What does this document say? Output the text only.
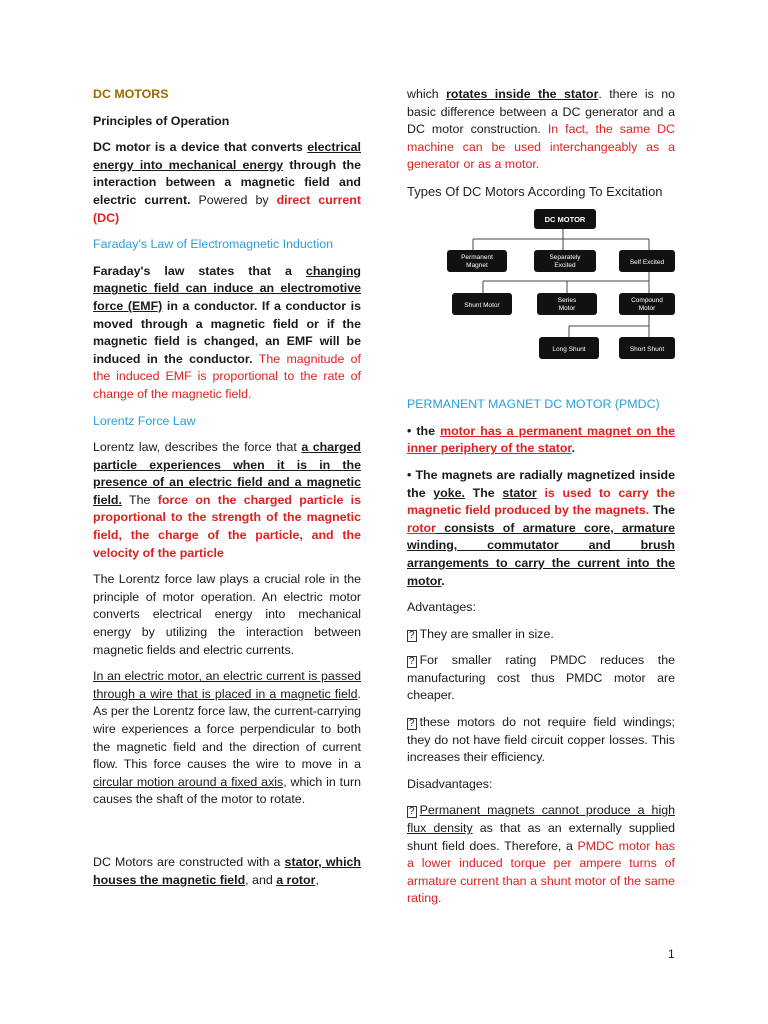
DC MOTORS

Principles of Operation

DC motor is a device that converts electrical energy into mechanical energy through the interaction between a magnetic field and electric current. Powered by direct current (DC)

Faraday's Law of Electromagnetic Induction

Faraday's law states that a changing magnetic field can induce an electromotive force (EMF) in a conductor. If a conductor is moved through a magnetic field or if the magnetic field is changed, an EMF will be induced in the conductor. The magnitude of the induced EMF is proportional to the rate of change of the magnetic field.

Lorentz Force Law

Lorentz law, describes the force that a charged particle experiences when it is in the presence of an electric field and a magnetic field. The force on the charged particle is proportional to the strength of the magnetic field, the charge of the particle, and the velocity of the particle

The Lorentz force law plays a crucial role in the principle of motor operation. An electric motor converts electrical energy into mechanical energy by utilizing the interaction between magnetic fields and electric currents.

In an electric motor, an electric current is passed through a wire that is placed in a magnetic field. As per the Lorentz force law, the current-carrying wire experiences a force perpendicular to both the magnetic field and the direction of current flow. This force causes the wire to move in a circular motion around a fixed axis, which in turn causes the shaft of the motor to rotate.

DC Motors are constructed with a stator, which houses the magnetic field, and a rotor,

which rotates inside the stator. there is no basic difference between a DC generator and a DC motor construction. In fact, the same DC machine can be used interchangeably as a generator or as a motor.

Types Of DC Motors According To Excitation
DC MOTOR
Permanent
Magnet
Separately
Excited	Self Excited
Shunt Motor
Series
Motor
Compound
Motor
Long Shunt	Short Shunt

PERMANENT MAGNET DC MOTOR (PMDC)

• the motor has a permanent magnet on the inner periphery of the stator.

• The magnets are radially magnetized inside the yoke. The stator is used to carry the magnetic field produced by the magnets. The rotor consists of armature core, armature winding, commutator and brush arrangements to carry the current into the motor.

Advantages:

? They are smaller in size.

? For smaller rating PMDC reduces the manufacturing cost thus PMDC motor are cheaper.

? these motors do not require field windings; they do not have field circuit copper losses. This increases their efficiency.

Disadvantages:

? Permanent magnets cannot produce a high flux density as that as an externally supplied shunt field does. Therefore, a PMDC motor has a lower induced torque per ampere turns of armature current than a shunt motor of the same rating.

1
